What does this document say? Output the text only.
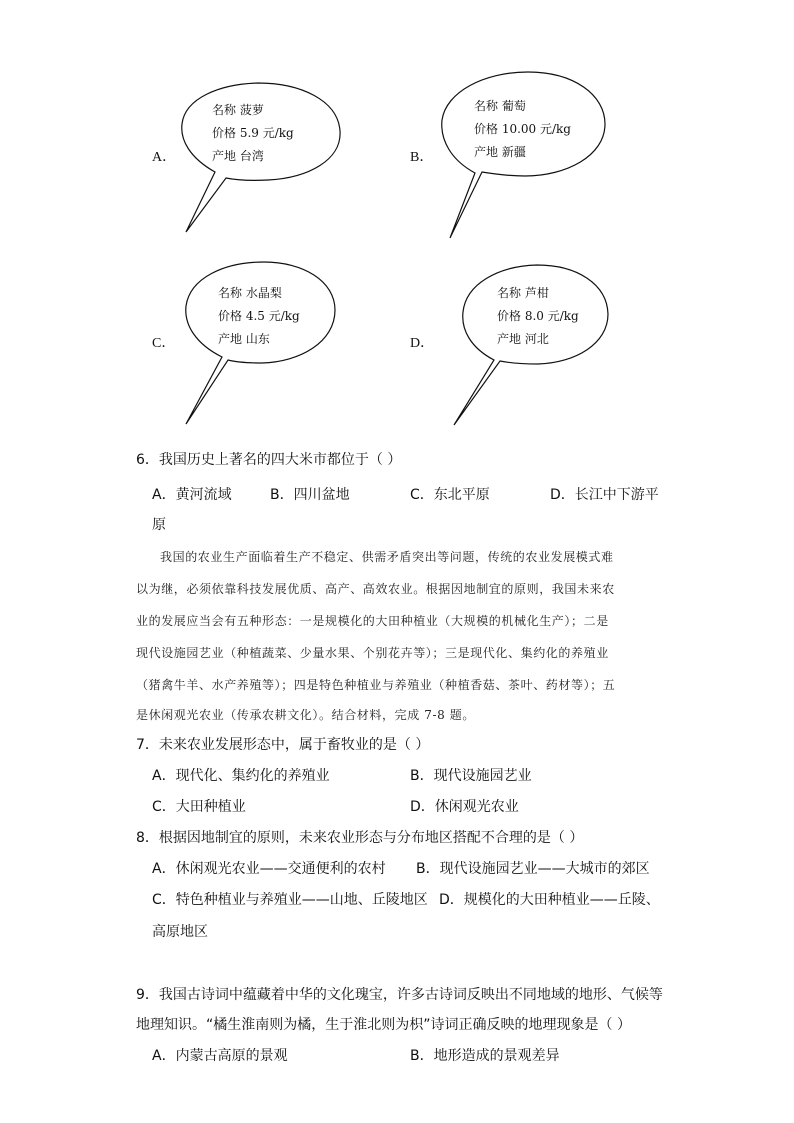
A．
名称 菠萝
价格 5.9 元/kg
产地 台湾	B．
名称 葡萄
价格 10.00 元/kg
产地 新疆
C．
名称 水晶梨
价格 4.5 元/kg
产地 山东	D．
名称 芦柑
价格 8.0 元/kg
产地 河北
6．我国历史上著名的四大米市都位于（ ）
A．黄河流域	B．四川盆地	C．东北平原	D．长江中下游平
原
我国的农业生产面临着生产不稳定、供需矛盾突出等问题，传统的农业发展模式难
以为继，必须依靠科技发展优质、高产、高效农业。根据因地制宜的原则，我国未来农
业的发展应当会有五种形态：一是规模化的大田种植业（大规模的机械化生产）；二是
现代设施园艺业（种植蔬菜、少量水果、个别花卉等）；三是现代化、集约化的养殖业
（猪禽牛羊、水产养殖等）；四是特色种植业与养殖业（种植香菇、茶叶、药材等）；五
是休闲观光农业（传承农耕文化）。结合材料，完成 7-8 题。
7．未来农业发展形态中，属于畜牧业的是（ ）
A．现代化、集约化的养殖业	B．现代设施园艺业
C．大田种植业	D．休闲观光农业
8．根据因地制宜的原则，未来农业形态与分布地区搭配不合理的是（ ）
A．休闲观光农业——交通便利的农村 B．现代设施园艺业——大城市的郊区
C．特色种植业与养殖业——山地、丘陵地区 D．规模化的大田种植业——丘陵、
高原地区
9．我国古诗词中蕴藏着中华的文化瑰宝，许多古诗词反映出不同地域的地形、气候等
地理知识。“橘生淮南则为橘，生于淮北则为枳”诗词正确反映的地理现象是（ ）
A．内蒙古高原的景观	B．地形造成的景观差异
